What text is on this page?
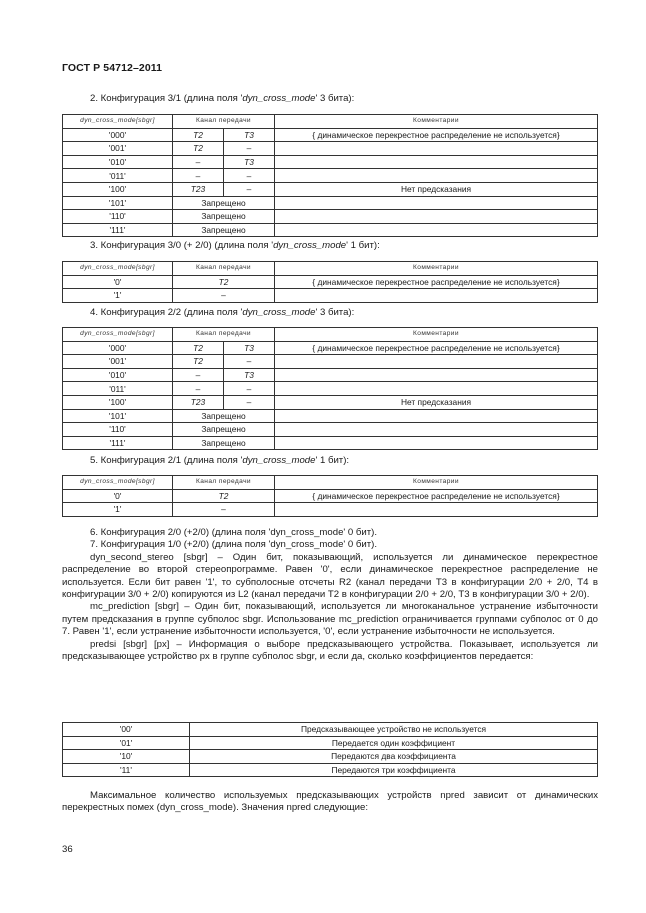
ГОСТ Р 54712–2011
2. Конфигурация 3/1 (длина поля 'dyn_cross_mode' 3 бита):
dyn_cross_mode[sbgr]	Канал передачи		Комментарии
'000'	T2	T3	{ динамическое перекрестное распределение не используется}
'001'	T2	–	
'010'	–	T3	
'011'	–	–	
'100'	T23	–	Нет предсказания
'101'	Запрещено		
'110'	Запрещено		
'111'	Запрещено		
3. Конфигурация 3/0 (+ 2/0) (длина поля 'dyn_cross_mode' 1 бит):
dyn_cross_mode[sbgr]	Канал передачи	Комментарии
'0'	T2	{ динамическое перекрестное распределение не используется}
'1'	–	
4. Конфигурация 2/2 (длина поля 'dyn_cross_mode' 3 бита):
dyn_cross_mode[sbgr]	Канал передачи		Комментарии
'000'	T2	T3	{ динамическое перекрестное распределение не используется}
'001'	T2	–	
'010'	–	T3	
'011'	–	–	
'100'	T23	–	Нет предсказания
'101'	Запрещено		
'110'	Запрещено		
'111'	Запрещено		
5. Конфигурация 2/1 (длина поля 'dyn_cross_mode' 1 бит):
dyn_cross_mode[sbgr]	Канал передачи	Комментарии
'0'	T2	{ динамическое перекрестное распределение не используется}
'1'	–	

6. Конфигурация 2/0 (+2/0) (длина поля 'dyn_cross_mode' 0 бит).

7. Конфигурация 1/0 (+2/0) (длина поля 'dyn_cross_mode' 0 бит).

dyn_second_stereo [sbgr] – Один бит, показывающий, используется ли динамическое перекрестное распределение во второй стереопрограмме. Равен '0', если динамическое перекрестное распределение не используется. Если бит равен '1', то субполосные отсчеты R2 (канал передачи T3 в конфигурации 2/0 + 2/0, T4 в конфигурации 3/0 + 2/0) копируются из L2 (канал передачи T2 в конфигурации 2/0 + 2/0, T3 в конфигурации 3/0 + 2/0).

mc_prediction [sbgr] – Один бит, показывающий, используется ли многоканальное устранение избыточности путем предсказания в группе субполос sbgr. Использование mc_prediction ограничивается группами субполос от 0 до 7. Равен '1', если устранение избыточности используется, '0', если устранение избыточности не используется.

predsi [sbgr] [px] – Информация о выборе предсказывающего устройства. Показывает, используется ли предсказывающее устройство px в группе субполос sbgr, и если да, сколько коэффициентов передается:

'00'	Предсказывающее устройство не используется
'01'	Передается один коэффициент
'10'	Передаются два коэффициента
'11'	Передаются три коэффициента

Максимальное количество используемых предсказывающих устройств npred зависит от динамических перекрестных помех (dyn_cross_mode). Значения npred следующие:

36
